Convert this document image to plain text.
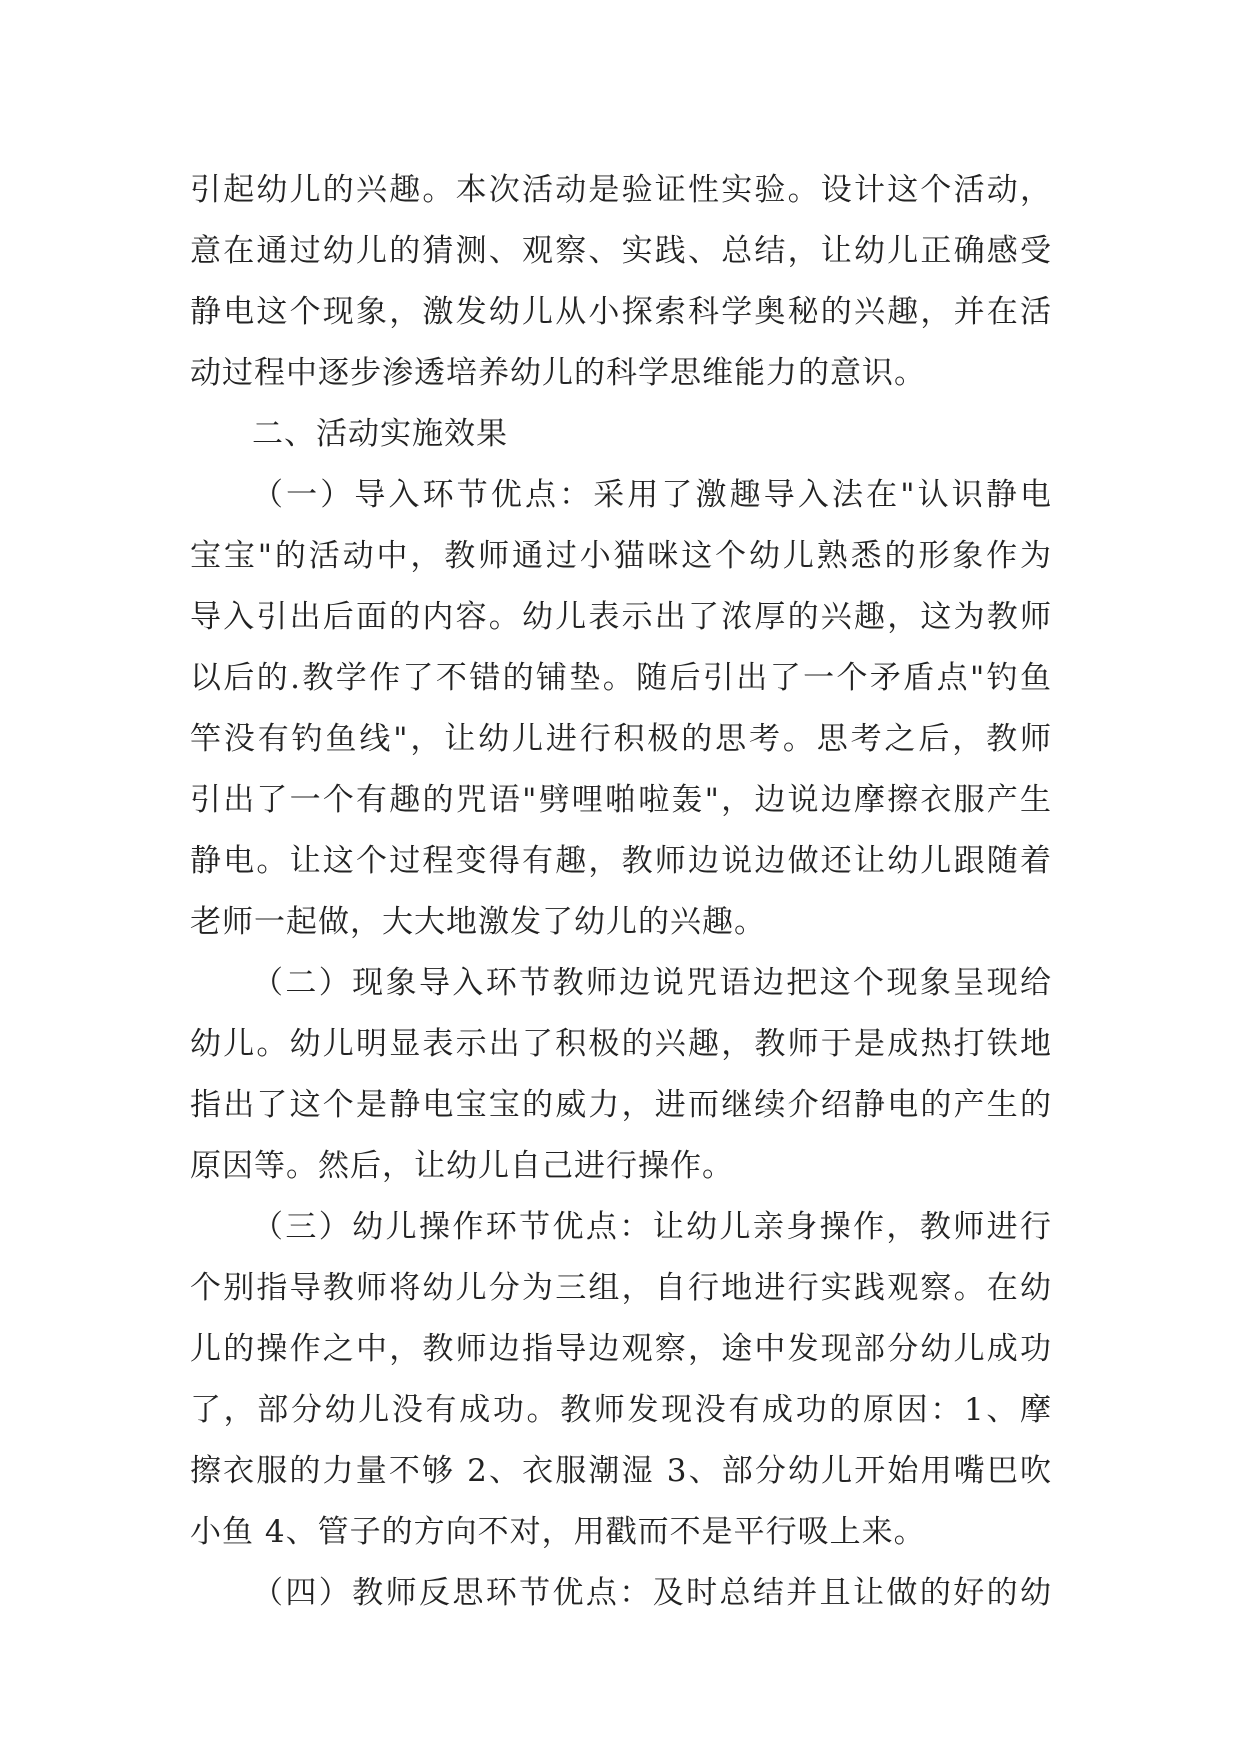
引起幼儿的兴趣。本次活动是验证性实验。设计这个活动，
意在通过幼儿的猜测、观察、实践、总结，让幼儿正确感受
静电这个现象，激发幼儿从小探索科学奥秘的兴趣，并在活
动过程中逐步渗透培养幼儿的科学思维能力的意识。
二、活动实施效果
（一）导入环节优点：采用了激趣导入法在"认识静电
宝宝"的活动中，教师通过小猫咪这个幼儿熟悉的形象作为
导入引出后面的内容。幼儿表示出了浓厚的兴趣，这为教师
以后的.教学作了不错的铺垫。随后引出了一个矛盾点"钓鱼
竿没有钓鱼线"，让幼儿进行积极的思考。思考之后，教师
引出了一个有趣的咒语"劈哩啪啦轰"，边说边摩擦衣服产生
静电。让这个过程变得有趣，教师边说边做还让幼儿跟随着
老师一起做，大大地激发了幼儿的兴趣。
（二）现象导入环节教师边说咒语边把这个现象呈现给
幼儿。幼儿明显表示出了积极的兴趣，教师于是成热打铁地
指出了这个是静电宝宝的威力，进而继续介绍静电的产生的
原因等。然后，让幼儿自己进行操作。
（三）幼儿操作环节优点：让幼儿亲身操作，教师进行
个别指导教师将幼儿分为三组，自行地进行实践观察。在幼
儿的操作之中，教师边指导边观察，途中发现部分幼儿成功
了，部分幼儿没有成功。教师发现没有成功的原因：1、摩
擦衣服的力量不够 2、衣服潮湿 3、部分幼儿开始用嘴巴吹
小鱼 4、管子的方向不对，用戳而不是平行吸上来。
（四）教师反思环节优点：及时总结并且让做的好的幼
